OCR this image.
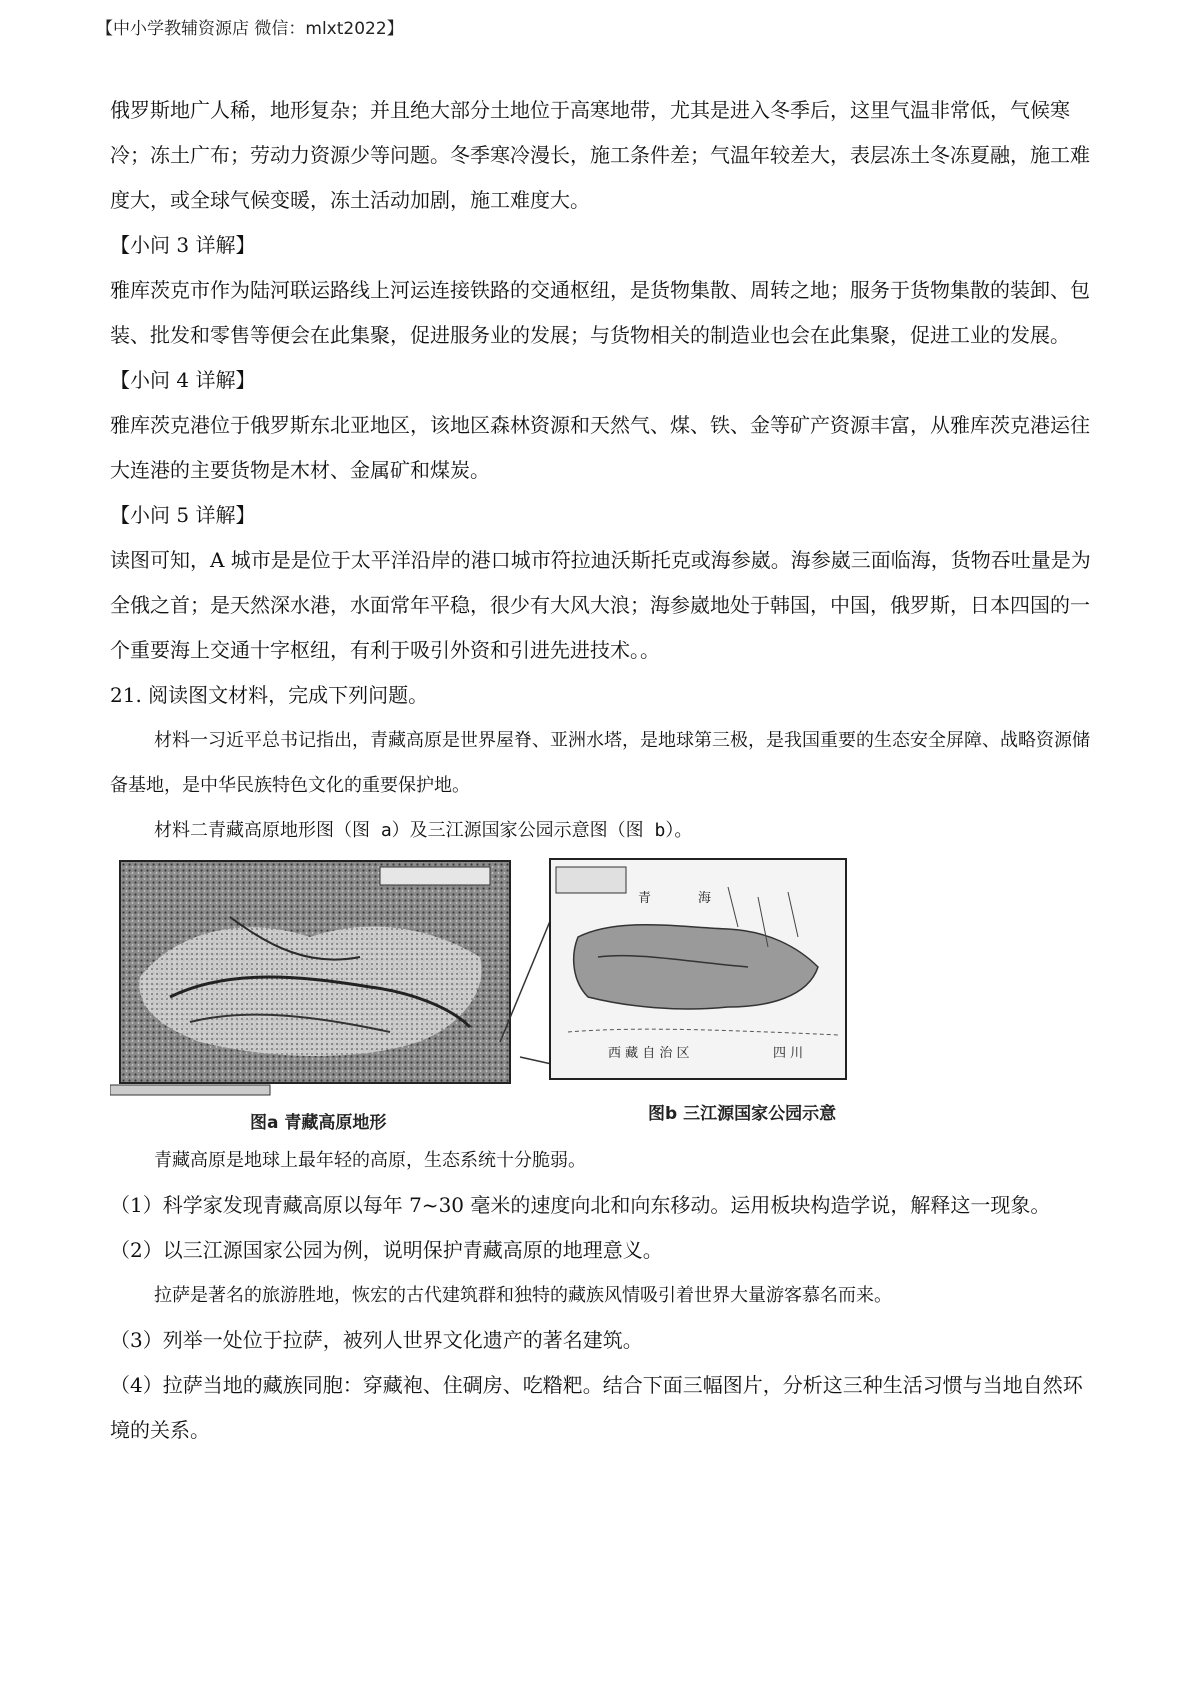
【中小学教辅资源店 微信：mlxt2022】

俄罗斯地广人稀，地形复杂；并且绝大部分土地位于高寒地带，尤其是进入冬季后，这里气温非常低，气候寒冷；冻土广布；劳动力资源少等问题。冬季寒冷漫长，施工条件差；气温年较差大，表层冻土冬冻夏融，施工难度大，或全球气候变暖，冻土活动加剧，施工难度大。

【小问 3 详解】

雅库茨克市作为陆河联运路线上河运连接铁路的交通枢纽，是货物集散、周转之地；服务于货物集散的装卸、包装、批发和零售等便会在此集聚，促进服务业的发展；与货物相关的制造业也会在此集聚，促进工业的发展。

【小问 4 详解】

雅库茨克港位于俄罗斯东北亚地区，该地区森林资源和天然气、煤、铁、金等矿产资源丰富，从雅库茨克港运往大连港的主要货物是木材、金属矿和煤炭。

【小问 5 详解】

读图可知，A 城市是是位于太平洋沿岸的港口城市符拉迪沃斯托克或海参崴。海参崴三面临海，货物吞吐量是为全俄之首；是天然深水港，水面常年平稳，很少有大风大浪；海参崴地处于韩国，中国，俄罗斯，日本四国的一个重要海上交通十字枢纽，有利于吸引外资和引进先进技术。。

21. 阅读图文材料，完成下列问题。

材料一习近平总书记指出，青藏高原是世界屋脊、亚洲水塔，是地球第三极，是我国重要的生态安全屏障、战略资源储备基地，是中华民族特色文化的重要保护地。

材料二青藏高原地形图（图 a）及三江源国家公园示意图（图 b）。

图a 青藏高原地形
西 藏 自 治 区	四 川
青	海
图b 三江源国家公园示意

青藏高原是地球上最年轻的高原，生态系统十分脆弱。

（1）科学家发现青藏高原以每年 7~30 毫米的速度向北和向东移动。运用板块构造学说，解释这一现象。

（2）以三江源国家公园为例，说明保护青藏高原的地理意义。

拉萨是著名的旅游胜地，恢宏的古代建筑群和独特的藏族风情吸引着世界大量游客慕名而来。

（3）列举一处位于拉萨，被列人世界文化遗产的著名建筑。

（4）拉萨当地的藏族同胞：穿藏袍、住碉房、吃糌粑。结合下面三幅图片，分析这三种生活习惯与当地自然环境的关系。
